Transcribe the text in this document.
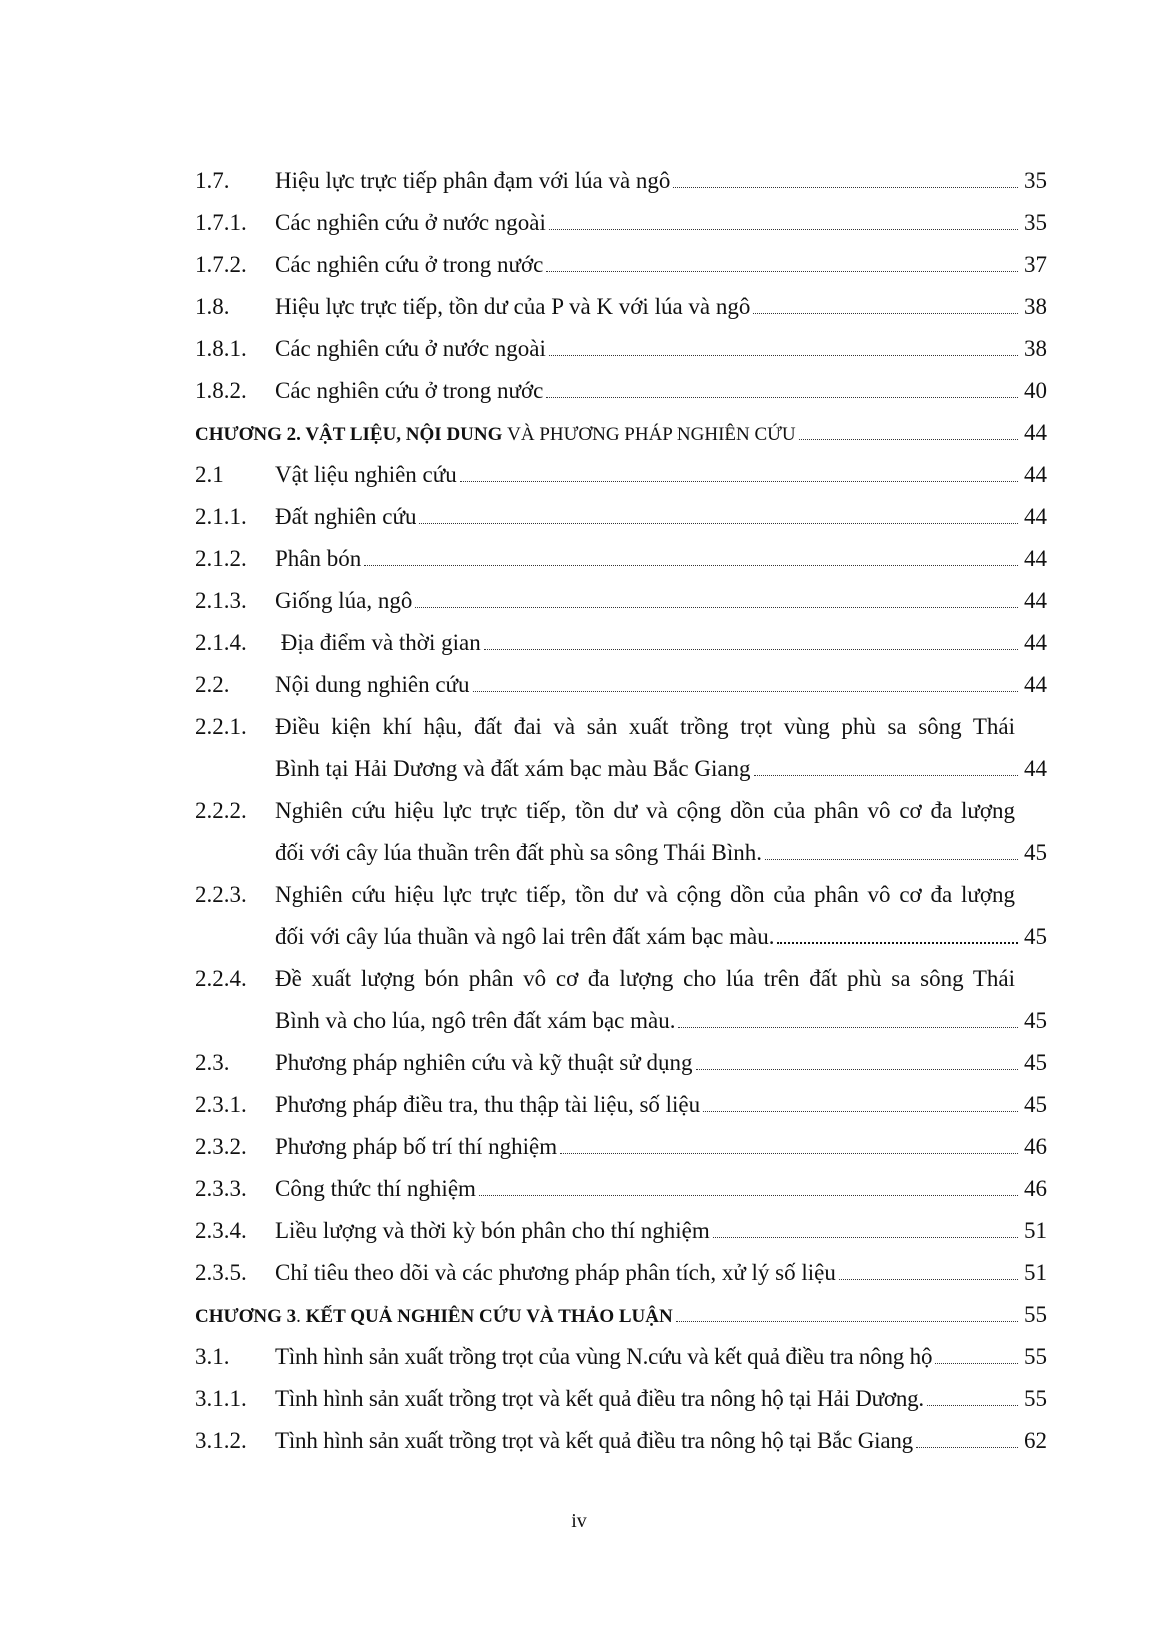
1.7.	Hiệu lực trực tiếp phân đạm với lúa và ngô	35
1.7.1.	Các nghiên cứu ở nước ngoài	35
1.7.2.	Các nghiên cứu ở trong nước	37
1.8.	Hiệu lực trực tiếp, tồn dư của P và K với lúa và ngô	38
1.8.1.	Các nghiên cứu ở nước ngoài	38
1.8.2.	Các nghiên cứu ở trong nước	40
CHƯƠNG 2. VẬT LIỆU, NỘI DUNG VÀ PHƯƠNG PHÁP NGHIÊN CỨU	44
2.1	Vật liệu nghiên cứu	44
2.1.1.	Đất nghiên cứu	44
2.1.2.	Phân bón	44
2.1.3.	Giống lúa, ngô	44
2.1.4.	Địa điểm và thời gian	44
2.2.	Nội dung nghiên cứu	44
2.2.1.	Điều kiện khí hậu, đất đai và sản xuất trồng trọt vùng phù sa sông Thái
Bình tại Hải Dương và đất xám bạc màu Bắc Giang	44
2.2.2.	Nghiên cứu hiệu lực trực tiếp, tồn dư và cộng dồn của phân vô cơ đa lượng
đối với cây lúa thuần trên đất phù sa sông Thái Bình.	45
2.2.3.	Nghiên cứu hiệu lực trực tiếp, tồn dư và cộng dồn của phân vô cơ đa lượng
đối với cây lúa thuần và ngô lai trên đất xám bạc màu.	45
2.2.4.	Đề xuất lượng bón phân vô cơ đa lượng cho lúa trên đất phù sa sông Thái
Bình và cho lúa, ngô trên đất xám bạc màu.	45
2.3.	Phương pháp nghiên cứu và kỹ thuật sử dụng	45
2.3.1.	Phương pháp điều tra, thu thập tài liệu, số liệu	45
2.3.2.	Phương pháp bố trí thí nghiệm	46
2.3.3.	Công thức thí nghiệm	46
2.3.4.	Liều lượng và thời kỳ bón phân cho thí nghiệm	51
2.3.5.	Chỉ tiêu theo dõi và các phương pháp phân tích, xử lý số liệu	51
CHƯƠNG 3. KẾT QUẢ NGHIÊN CỨU VÀ THẢO LUẬN	55
3.1.	Tình hình sản xuất trồng trọt của vùng N.cứu và kết quả điều tra nông hộ	55
3.1.1.	Tình hình sản xuất trồng trọt và kết quả điều tra nông hộ tại Hải Dương.	55
3.1.2.	Tình hình sản xuất trồng trọt và kết quả điều tra nông hộ tại Bắc Giang	62
iv
